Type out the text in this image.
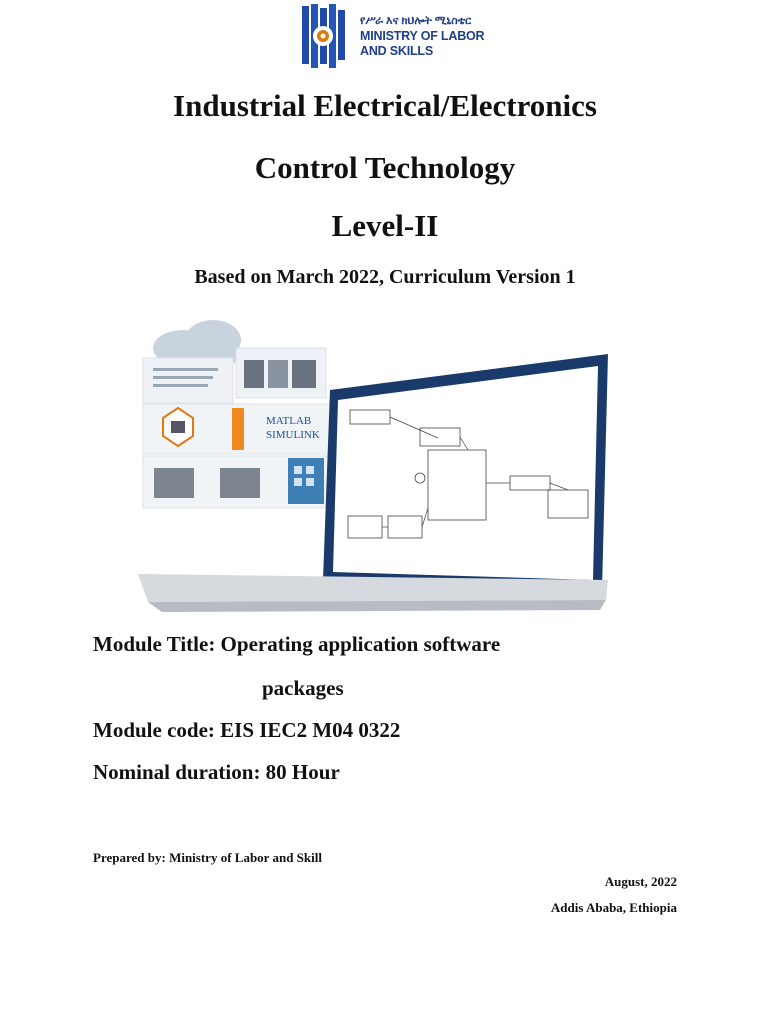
የሥራ እና ክህሎት ሚኒስቴር
MINISTRY OF LABOR
AND SKILLS
Industrial Electrical/Electronics
Control Technology
Level-II
Based on March 2022, Curriculum Version 1
MATLAB
SIMULINK
Module Title: Operating application software
packages
Module code: EIS IEC2 M04 0322
Nominal duration: 80 Hour
Prepared by: Ministry of Labor and Skill
August, 2022
Addis Ababa, Ethiopia
